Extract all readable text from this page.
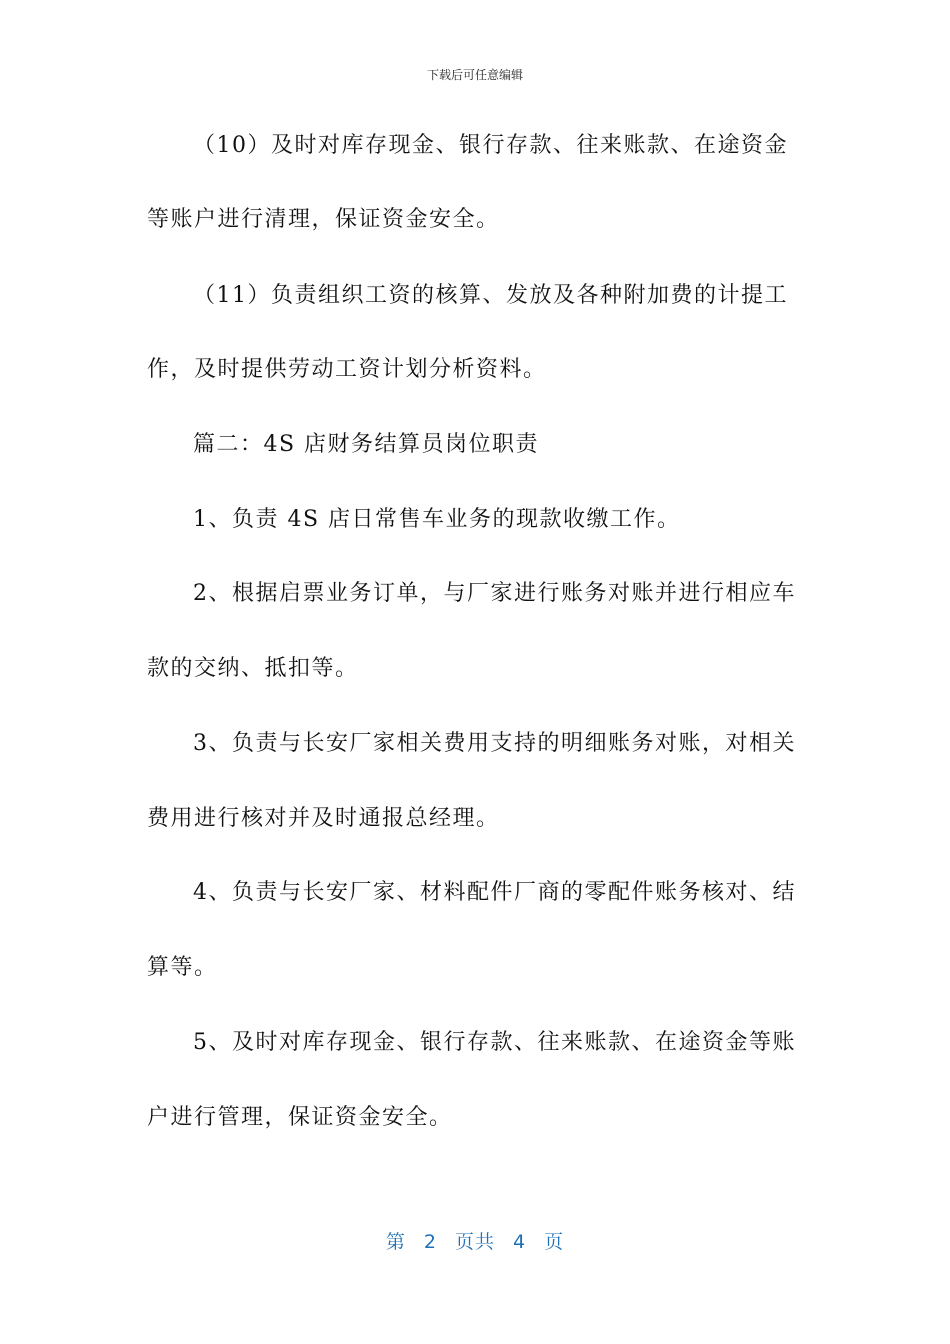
下载后可任意编辑
（10）及时对库存现金、银行存款、往来账款、在途资金
等账户进行清理，保证资金安全。
（11）负责组织工资的核算、发放及各种附加费的计提工
作，及时提供劳动工资计划分析资料。
篇二：4S 店财务结算员岗位职责
1、负责 4S 店日常售车业务的现款收缴工作。
2、根据启票业务订单，与厂家进行账务对账并进行相应车
款的交纳、抵扣等。
3、负责与长安厂家相关费用支持的明细账务对账，对相关
费用进行核对并及时通报总经理。
4、负责与长安厂家、材料配件厂商的零配件账务核对、结
算等。
5、及时对库存现金、银行存款、往来账款、在途资金等账
户进行管理，保证资金安全。
第 2 页共 4 页
